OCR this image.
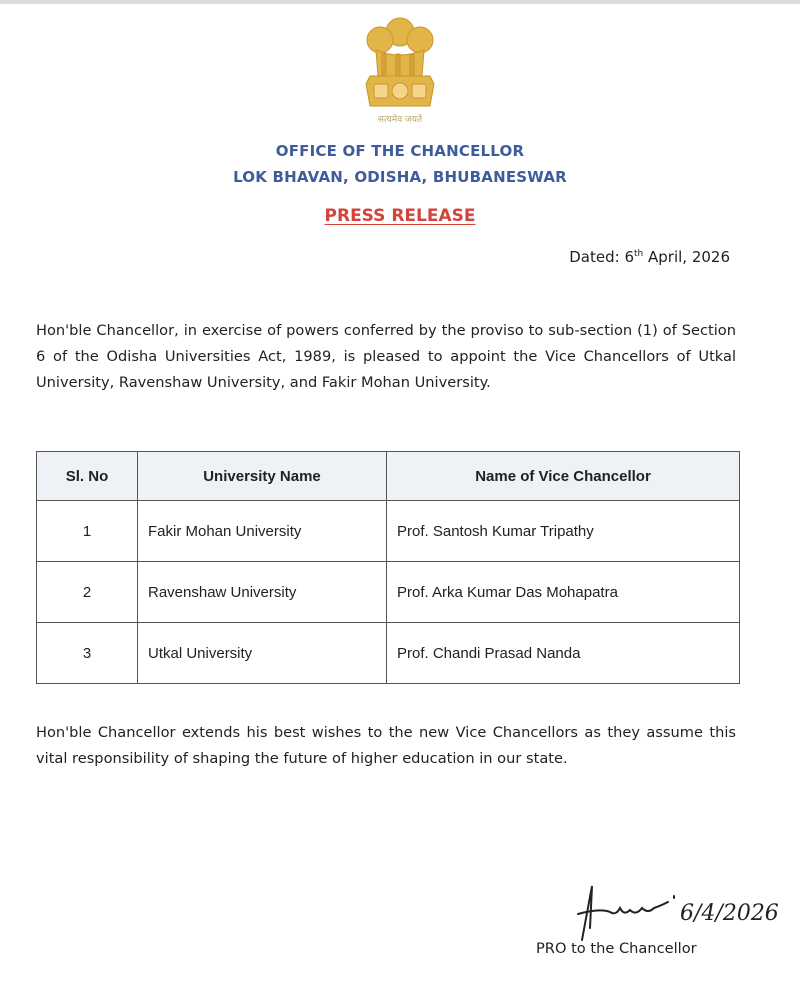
सत्यमेव जयते
OFFICE OF THE CHANCELLOR
LOK BHAVAN, ODISHA, BHUBANESWAR
PRESS RELEASE
Dated: 6th April, 2026
Hon'ble Chancellor, in exercise of powers conferred by the proviso to sub-section (1) of Section 6 of the Odisha Universities Act, 1989, is pleased to appoint the Vice Chancellors of Utkal University, Ravenshaw University, and Fakir Mohan University.
Sl. No	University Name	Name of Vice Chancellor
1	Fakir Mohan University	Prof. Santosh Kumar Tripathy
2	Ravenshaw University	Prof. Arka Kumar Das Mohapatra
3	Utkal University	Prof. Chandi Prasad Nanda
Hon'ble Chancellor extends his best wishes to the new Vice Chancellors as they assume this vital responsibility of shaping the future of higher education in our state.
6/4/2026
PRO to the Chancellor
